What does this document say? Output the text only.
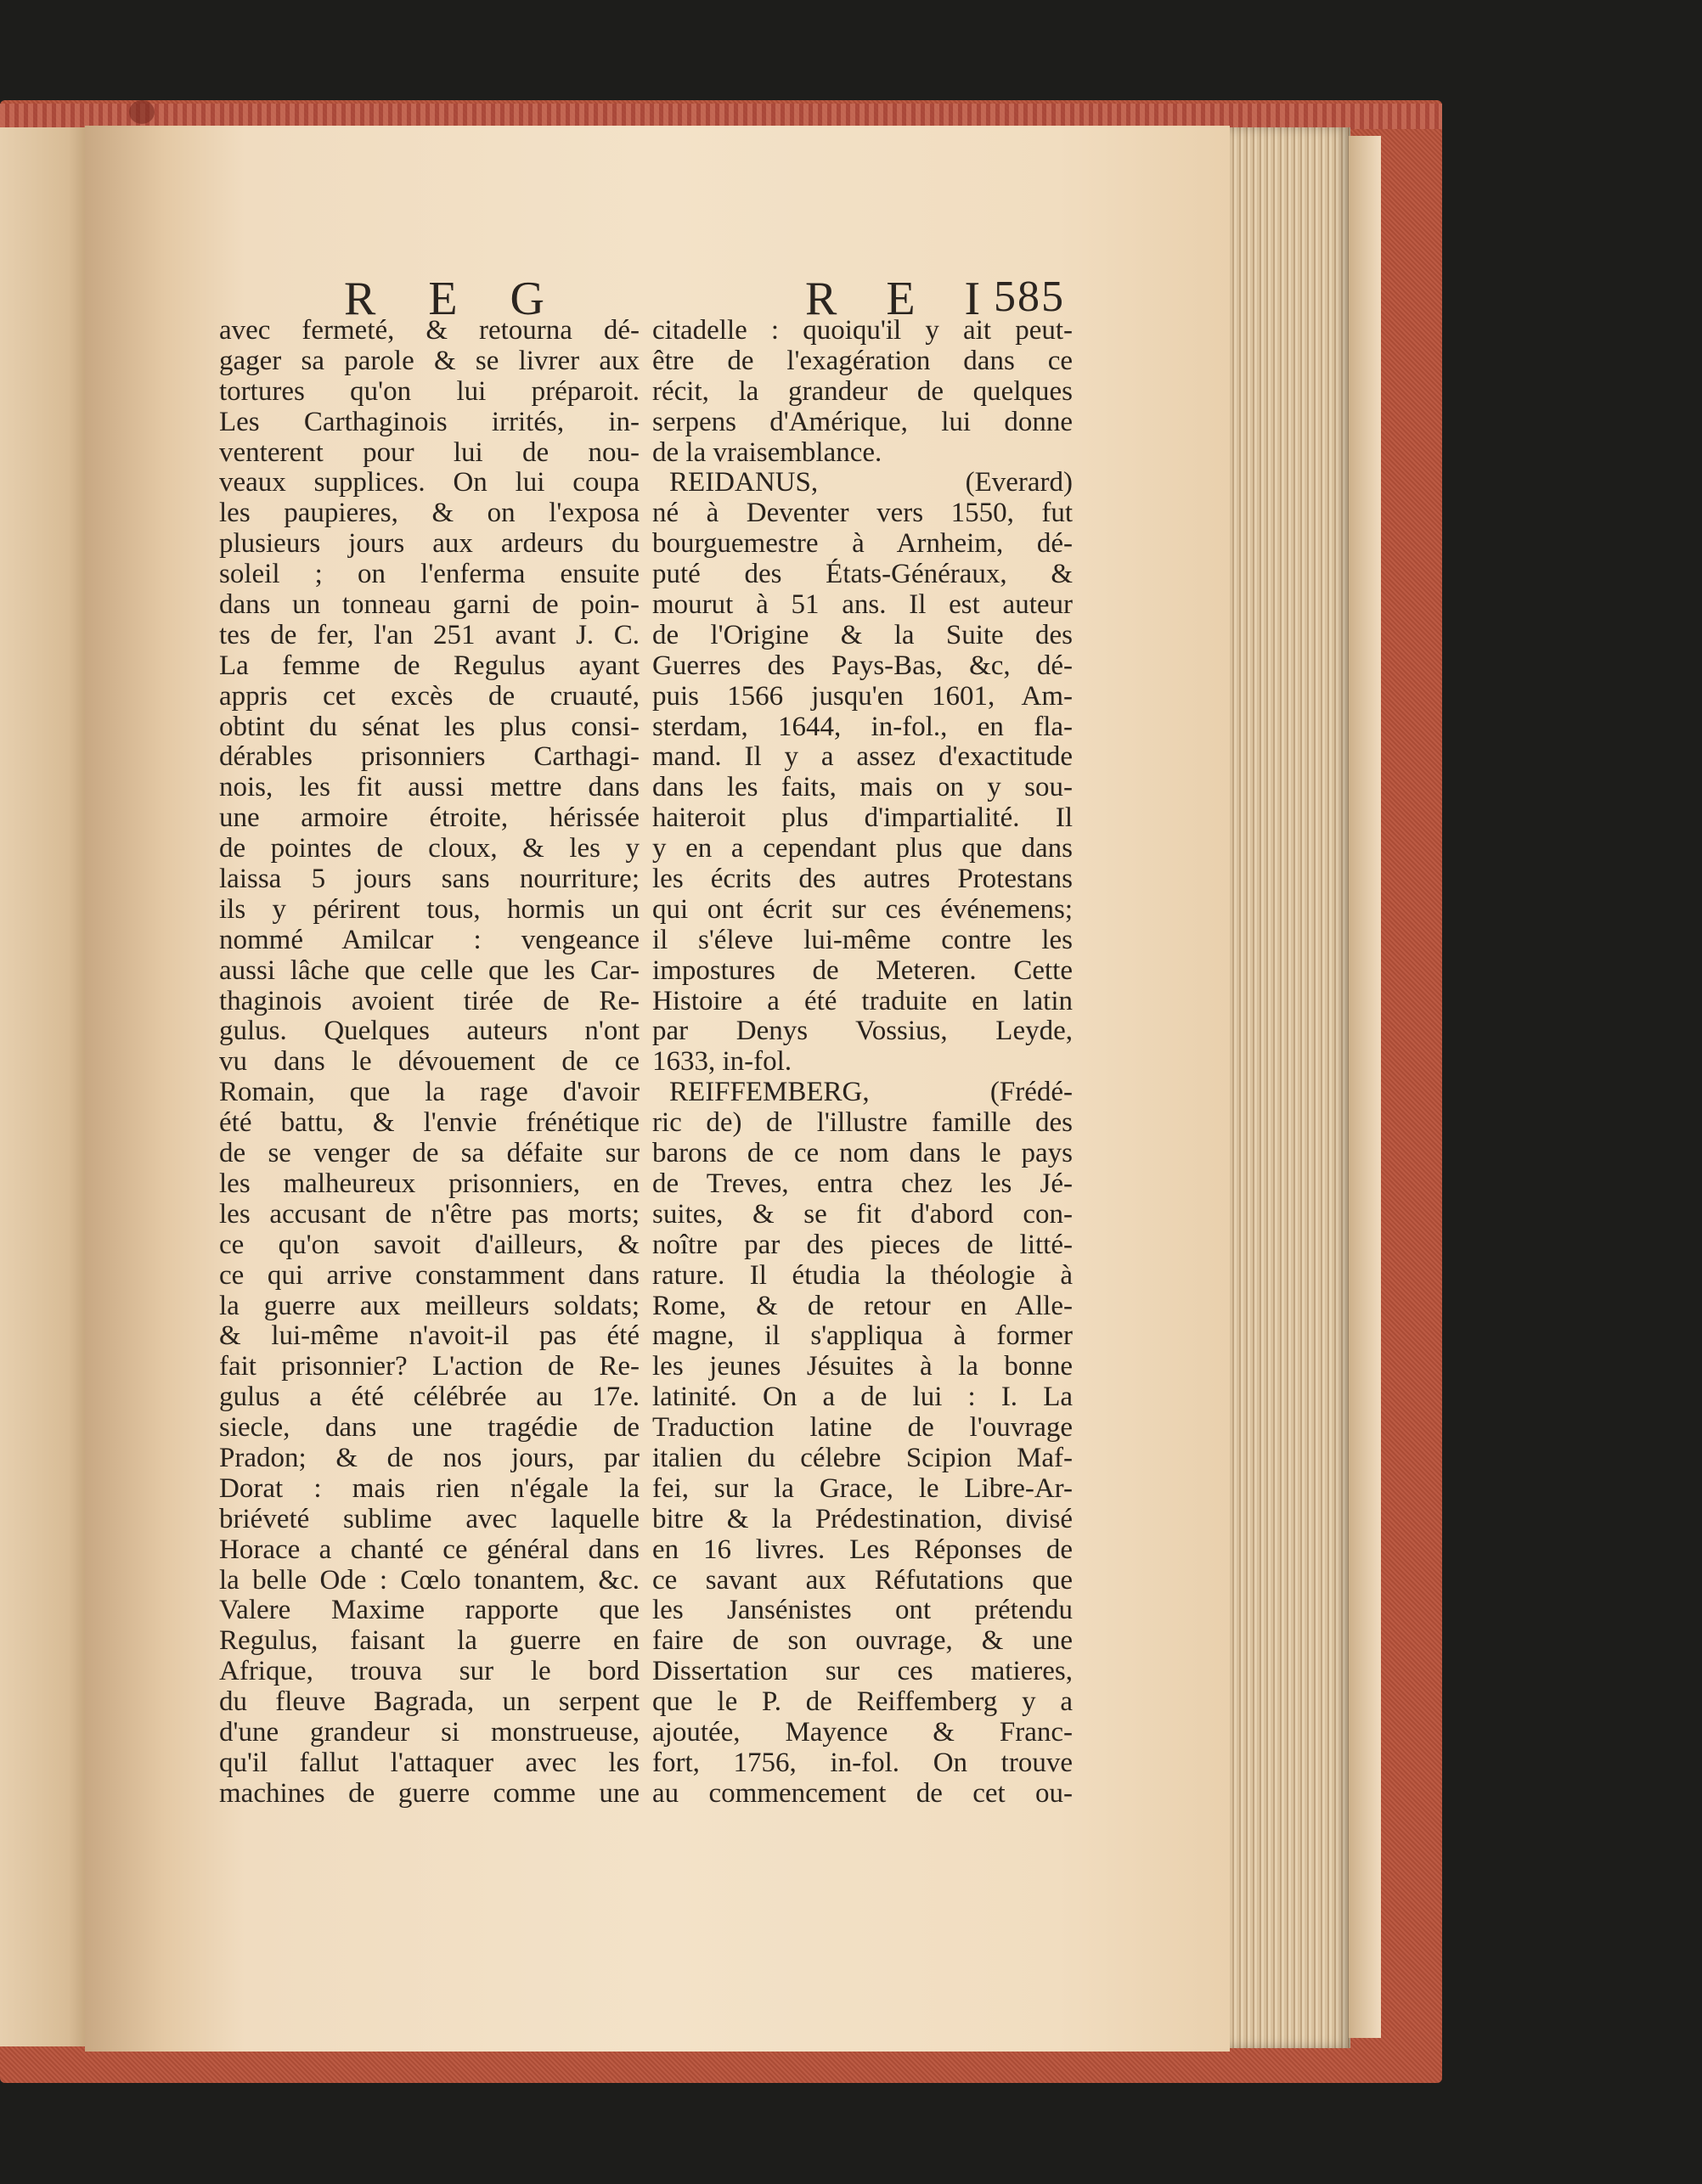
R E G	R E I
585
avec fermeté, & retourna dé-
gager sa parole & se livrer aux
tortures qu'on lui préparoit.
Les Carthaginois irrités, in-
venterent pour lui de nou-
veaux supplices. On lui coupa
les paupieres, & on l'exposa
plusieurs jours aux ardeurs du
soleil ; on l'enferma ensuite
dans un tonneau garni de poin-
tes de fer, l'an 251 avant J. C.
La femme de Regulus ayant
appris cet excès de cruauté,
obtint du sénat les plus consi-
dérables prisonniers Carthagi-
nois, les fit aussi mettre dans
une armoire étroite, hérissée
de pointes de cloux, & les y
laissa 5 jours sans nourriture;
ils y périrent tous, hormis un
nommé Amilcar : vengeance
aussi lâche que celle que les Car-
thaginois avoient tirée de Re-
gulus. Quelques auteurs n'ont
vu dans le dévouement de ce
Romain, que la rage d'avoir
été battu, & l'envie frénétique
de se venger de sa défaite sur
les malheureux prisonniers, en
les accusant de n'être pas morts;
ce qu'on savoit d'ailleurs, &
ce qui arrive constamment dans
la guerre aux meilleurs soldats;
& lui-même n'avoit-il pas été
fait prisonnier? L'action de Re-
gulus a été célébrée au 17e.
siecle, dans une tragédie de
Pradon; & de nos jours, par
Dorat : mais rien n'égale la
briéveté sublime avec laquelle
Horace a chanté ce général dans
la belle Ode : Cœlo tonantem, &c.
Valere Maxime rapporte que
Regulus, faisant la guerre en
Afrique, trouva sur le bord
du fleuve Bagrada, un serpent
d'une grandeur si monstrueuse,
qu'il fallut l'attaquer avec les
machines de guerre comme une
citadelle : quoiqu'il y ait peut-
être de l'exagération dans ce
récit, la grandeur de quelques
serpens d'Amérique, lui donne
de la vraisemblance.
REIDANUS, (Everard)
né à Deventer vers 1550, fut
bourguemestre à Arnheim, dé-
puté des États-Généraux, &
mourut à 51 ans. Il est auteur
de l'Origine & la Suite des
Guerres des Pays-Bas, &c, dé-
puis 1566 jusqu'en 1601, Am-
sterdam, 1644, in-fol., en fla-
mand. Il y a assez d'exactitude
dans les faits, mais on y sou-
haiteroit plus d'impartialité. Il
y en a cependant plus que dans
les écrits des autres Protestans
qui ont écrit sur ces événemens;
il s'éleve lui-même contre les
impostures de Meteren. Cette
Histoire a été traduite en latin
par Denys Vossius, Leyde,
1633, in-fol.
REIFFEMBERG, (Frédé-
ric de) de l'illustre famille des
barons de ce nom dans le pays
de Treves, entra chez les Jé-
suites, & se fit d'abord con-
noître par des pieces de litté-
rature. Il étudia la théologie à
Rome, & de retour en Alle-
magne, il s'appliqua à former
les jeunes Jésuites à la bonne
latinité. On a de lui : I. La
Traduction latine de l'ouvrage
italien du célebre Scipion Maf-
fei, sur la Grace, le Libre-Ar-
bitre & la Prédestination, divisé
en 16 livres. Les Réponses de
ce savant aux Réfutations que
les Jansénistes ont prétendu
faire de son ouvrage, & une
Dissertation sur ces matieres,
que le P. de Reiffemberg y a
ajoutée, Mayence & Franc-
fort, 1756, in-fol. On trouve
au commencement de cet ou-
